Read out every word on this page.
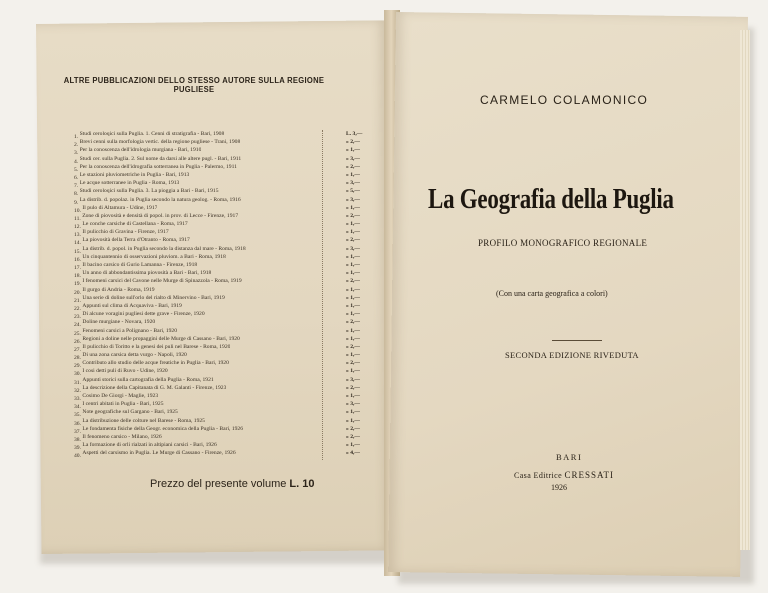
ALTRE PUBBLICAZIONI DELLO STESSO AUTORE SULLA REGIONE PUGLIESE
1. Studi ceroloqici sulla Puglia. 1. Cenni di stratigrafia - Bari, 1908	L. 3,—
2. Brevi cenni sulla morfologia vertic. della regione pugliese - Trani, 1908	» 2,—
3. Per la conoscenza dell'idrologia murgiana - Bari, 1910	» 1,—
4. Studi cer. sulla Puglia. 2. Sul nome da darsi alle altere pugl. - Bari, 1911	» 3,—
5. Per la conoscenza dell'idrografia sotterranea in Puglia - Palermo, 1911	» 2,—
6. Le stazioni pluviometriche in Puglia - Bari, 1913	» 1,—
7. Le acque sotterranee in Puglia - Roma, 1913	» 3,—
8. Studi ceroloqici sulla Puglia. 3. La pioggia a Bari - Bari, 1915	» 5,—
9. La distrib. d. popolaz. in Puglia secondo la natura geolog. - Roma, 1916	» 3,—
10. Il pulo di Altamura - Udine, 1917	» 1,—
11. Zone di piovosità e densità di popol. in prov. di Lecce - Firenze, 1917	» 2,—
12. Le conche carsiche di Castellana - Roma, 1917	» 1,—
13. Il pulicchio di Gravina - Firenze, 1917	» 1,—
14. La piovosità della Terra d'Otranto - Roma, 1917	» 2,—
15. La distrib. d. popol. in Puglia secondo la distanza dal mare - Roma, 1918	» 3,—
16. Un cinquantennio di osservazioni pluviom. a Bari - Roma, 1918	» 1,—
17. Il bacino carsico di Gurio Lamanna - Firenze, 1918	» 1,—
18. Un anno di abbondantissima piovosità a Bari - Bari, 1918	» 1,—
19. I fenomeni carsici del Cavone nelle Murge di Spinazzola - Roma, 1919	» 2,—
20. Il gurgo di Andria - Roma, 1919	» 1,—
21. Una serie di doline sull'orlo del rialto di Minervino - Bari, 1919	» 1,—
22. Appunti sul clima di Acquaviva - Bari, 1919	» 1,—
23. Di alcune voragini pugliesi dette grave - Firenze, 1920	» 1,—
24. Doline murgiane - Novara, 1920	» 2,—
25. Fenomeni carsici a Polignano - Bari, 1920	» 1,—
26. Regioni a doline nelle propaggini delle Murge di Cassano - Bari, 1920	» 1,—
27. Il pulicchio di Toritto e la genesi dei puli nel Barese - Roma, 1920	» 2,—
28. Di una zona carsica detta vurgo - Napoli, 1920	» 1,—
29. Contributo allo studio delle acque freatiche in Puglia - Bari, 1920	» 2,—
30. I cosi detti puli di Ruvo - Udine, 1920	» 1,—
31. Appunti storici sulla cartografia della Puglia - Roma, 1921	» 3,—
32. La descrizione della Capitanata di G. M. Galanti - Firenze, 1923	» 2,—
33. Cosimo De Giorgi - Maglie, 1923	» 1,—
34. I centri abitati in Puglia - Bari, 1925	» 3,—
35. Note geografiche sul Gargano - Bari, 1925	» 1,—
36. La distribuzione delle colture nel Barese - Roma, 1925	» 1,—
37. Le fondamenta fisiche della Geogr. economica della Puglia - Bari, 1926	» 2,—
38. Il fenomeno carsico - Milano, 1926	» 2,—
39. La formazione di orli rialzati in altipiani carsici - Bari, 1926	» 1,—
40. Aspetti del carsismo in Puglia. Le Murge di Cassano - Firenze, 1926	» 4,—
Prezzo del presente volume L. 10
CARMELO COLAMONICO
La Geografia della Puglia
PROFILO MONOGRAFICO REGIONALE
(Con una carta geografica a colori)
SECONDA EDIZIONE RIVEDUTA
BARI
Casa Editrice CRESSATI
1926
